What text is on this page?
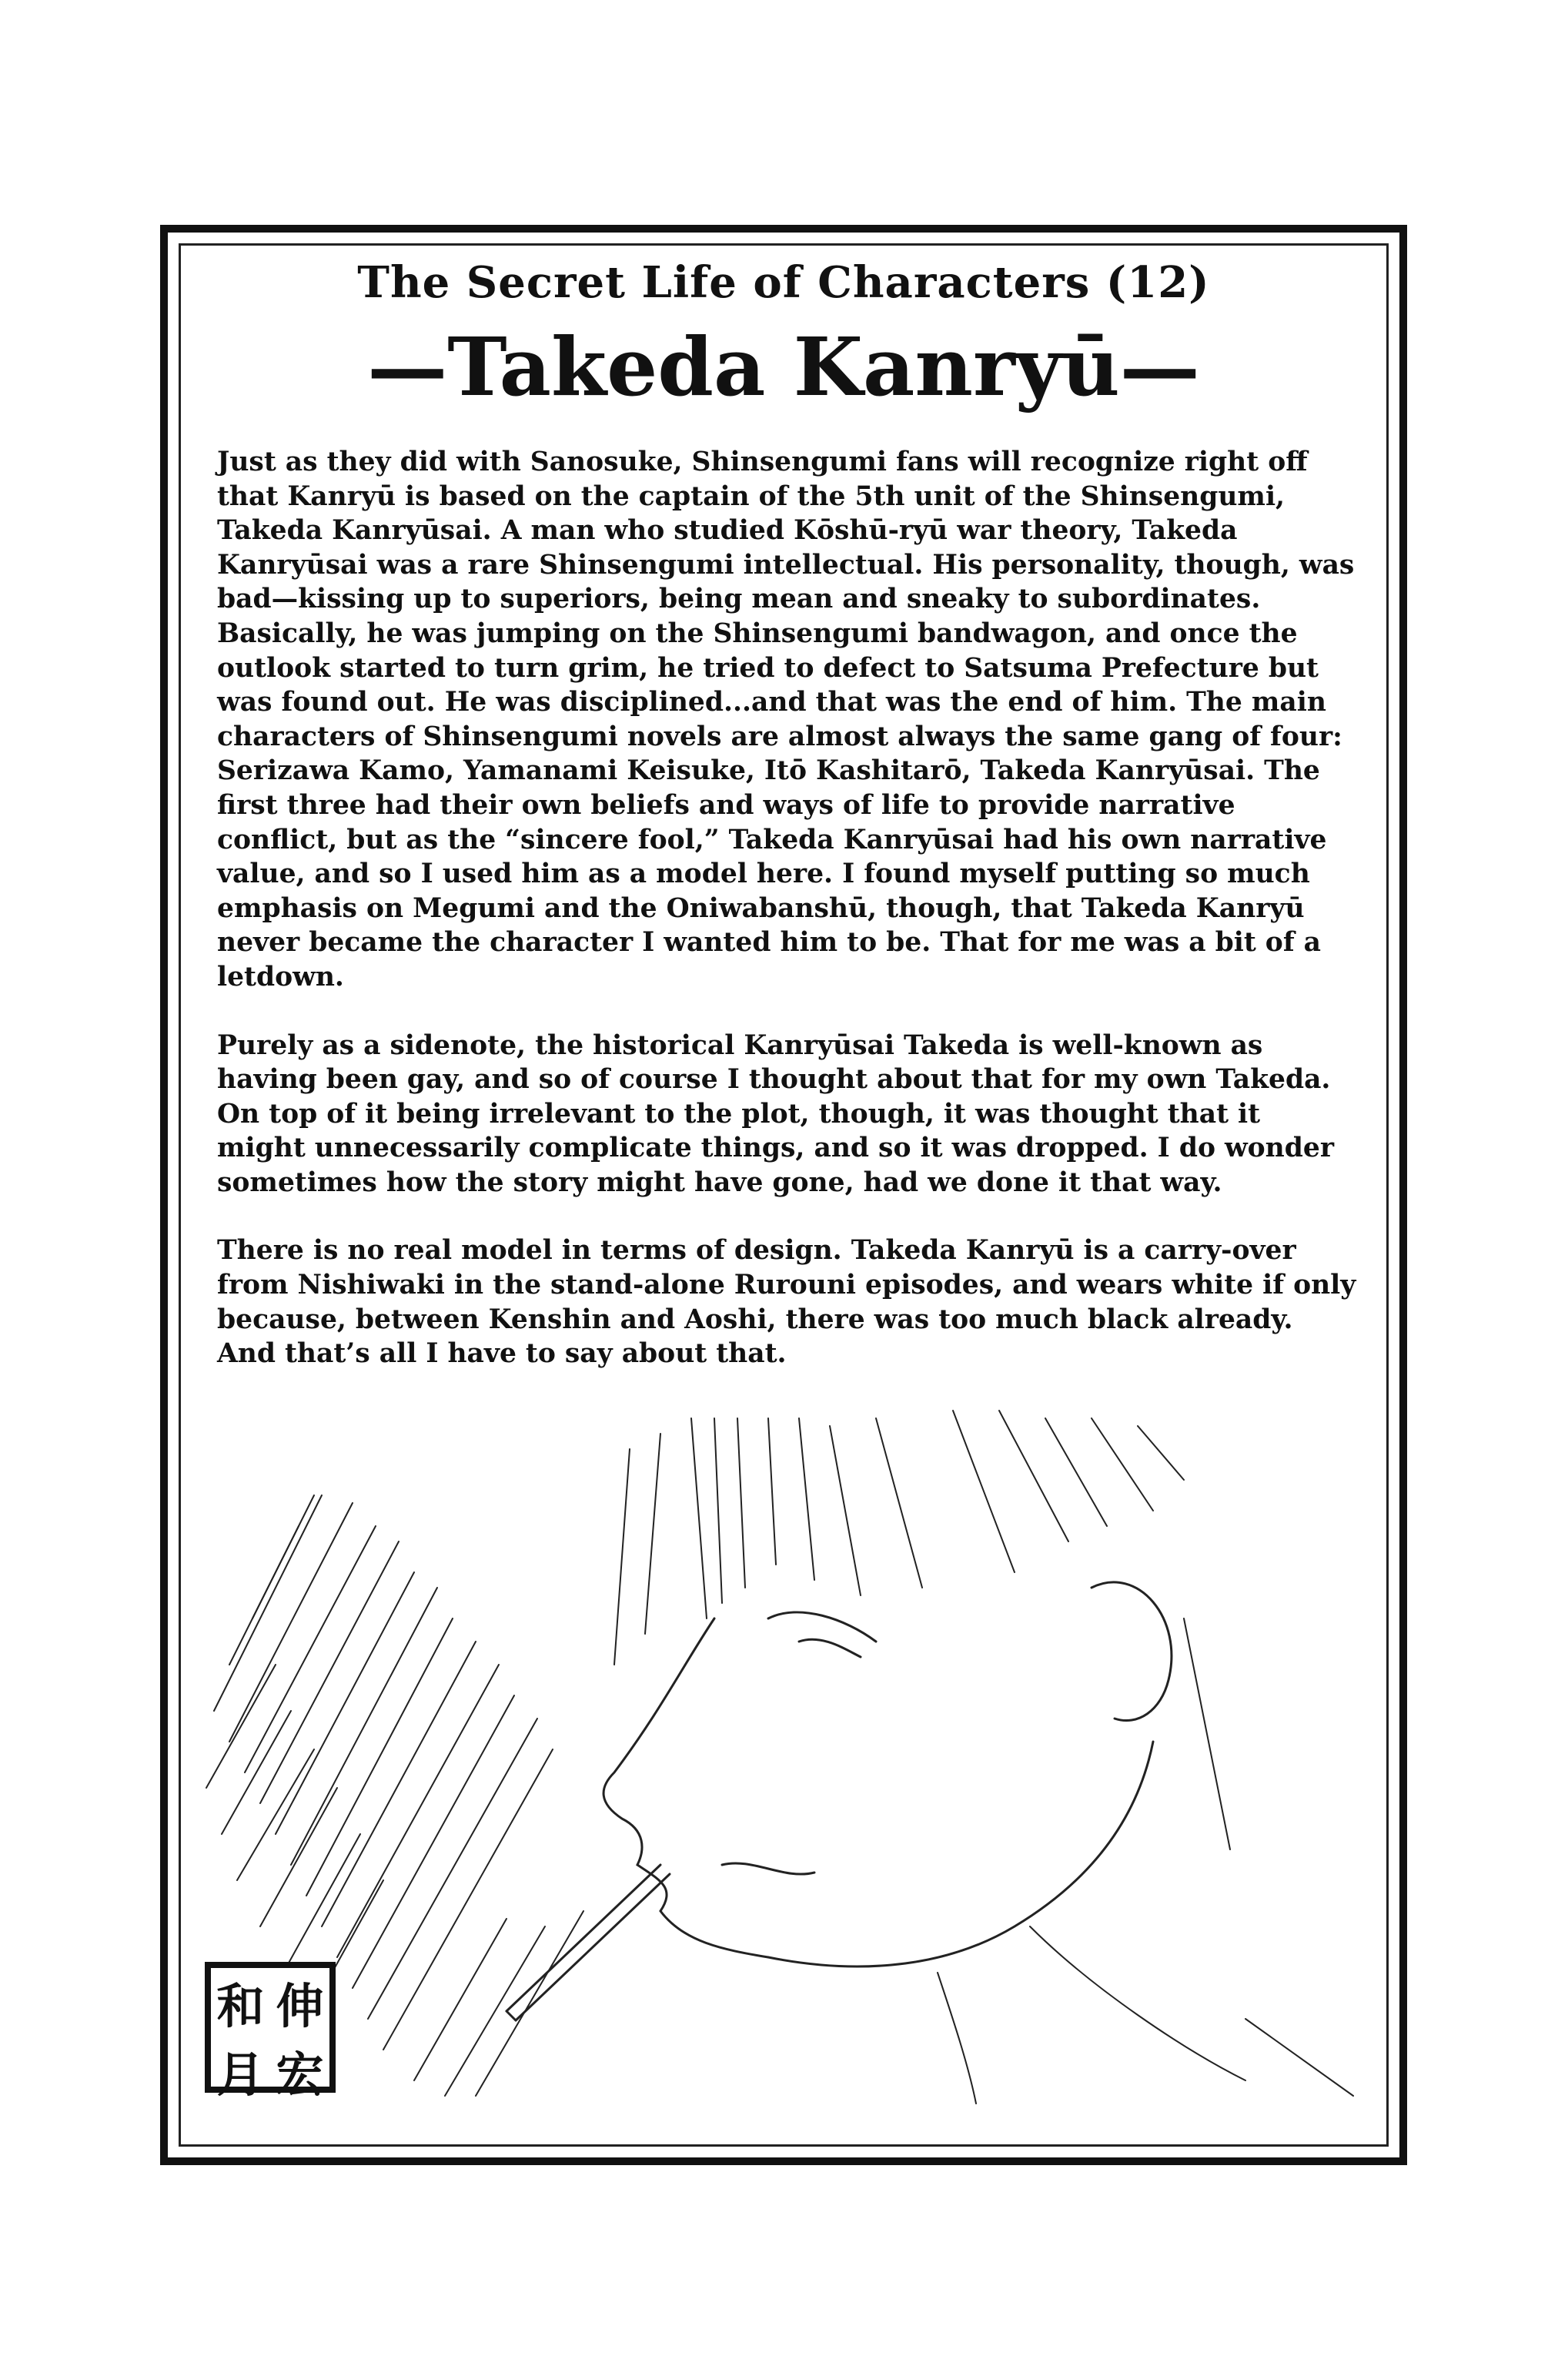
The Secret Life of Characters (12)
—Takeda Kanryū—

Just as they did with Sanosuke, Shinsengumi fans will recognize right off that Kanryū is based on the captain of the 5th unit of the Shinsengumi, Takeda Kanryūsai. A man who studied Kōshū-ryū war theory, Takeda Kanryūsai was a rare Shinsengumi intellectual. His personality, though, was bad—kissing up to superiors, being mean and sneaky to subordinates. Basically, he was jumping on the Shinsengumi bandwagon, and once the outlook started to turn grim, he tried to defect to Satsuma Prefecture but was found out. He was disciplined...and that was the end of him. The main characters of Shinsengumi novels are almost always the same gang of four: Serizawa Kamo, Yamanami Keisuke, Itō Kashitarō, Takeda Kanryūsai. The first three had their own beliefs and ways of life to provide narrative conflict, but as the “sincere fool,” Takeda Kanryūsai had his own narrative value, and so I used him as a model here. I found myself putting so much emphasis on Megumi and the Oniwabanshū, though, that Takeda Kanryū never became the character I wanted him to be. That for me was a bit of a letdown.

Purely as a sidenote, the historical Kanryūsai Takeda is well-known as having been gay, and so of course I thought about that for my own Takeda. On top of it being irrelevant to the plot, though, it was thought that it might unnecessarily complicate things, and so it was dropped. I do wonder sometimes how the story might have gone, had we done it that way.

There is no real model in terms of design. Takeda Kanryū is a carry-over from Nishiwaki in the stand-alone Rurouni episodes, and wears white if only because, between Kenshin and Aoshi, there was too much black already. And that’s all I have to say about that.

和 伸
月 宏
